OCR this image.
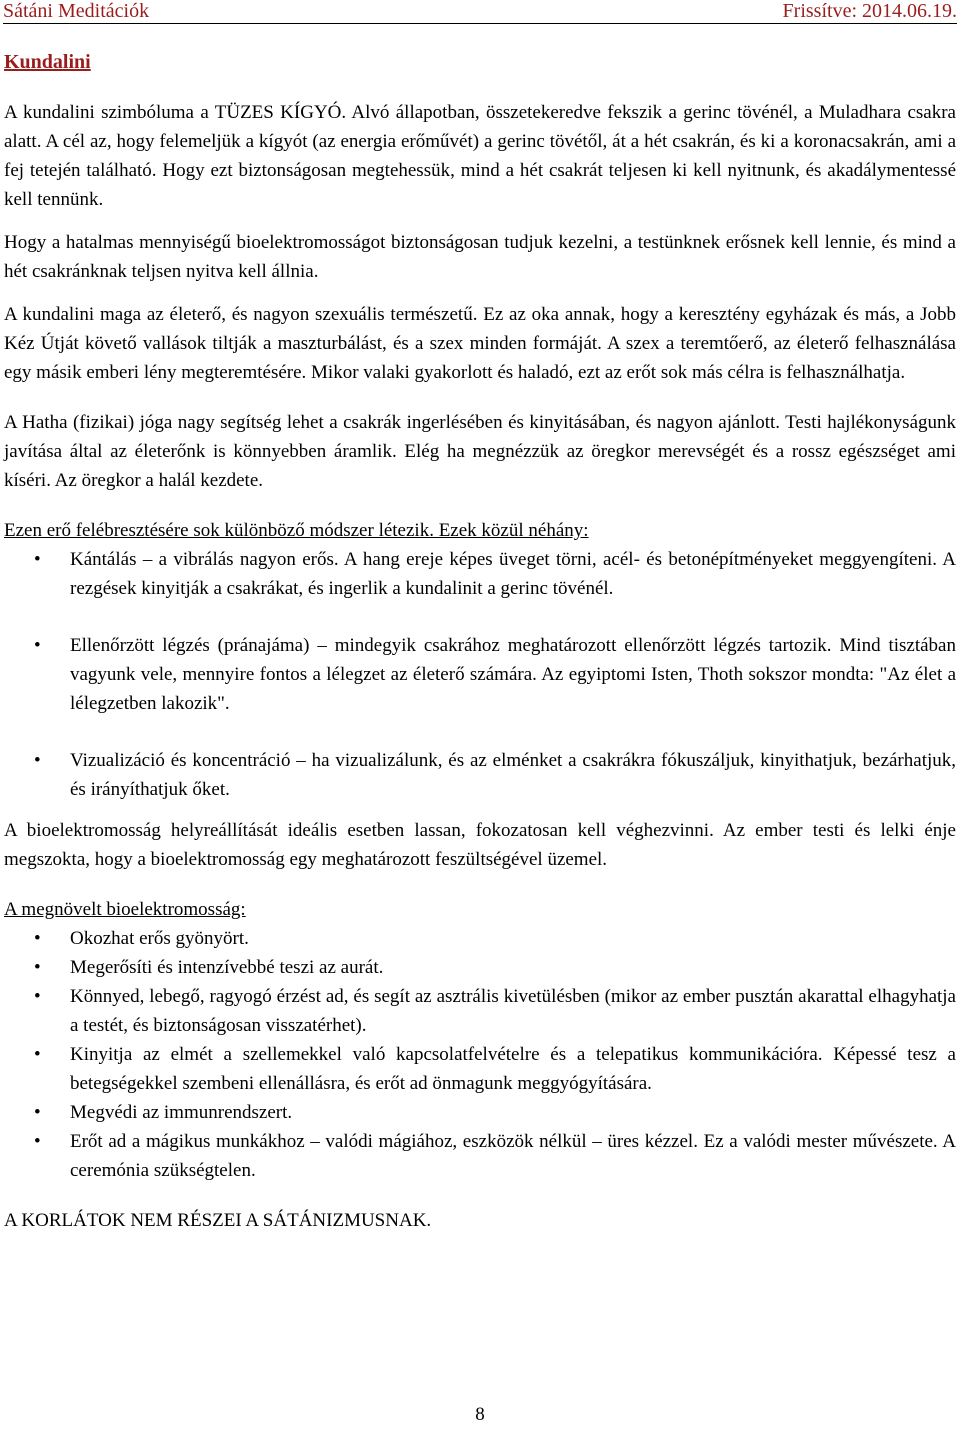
Sátáni Meditációk	Frissítve: 2014.06.19.
Kundalini

A kundalini szimbóluma a TÜZES KÍGYÓ. Alvó állapotban, összetekeredve fekszik a gerinc tövénél, a Muladhara csakra alatt. A cél az, hogy felemeljük a kígyót (az energia erőművét) a gerinc tövétől, át a hét csakrán, és ki a koronacsakrán, ami a fej tetején található. Hogy ezt biztonságosan megtehessük, mind a hét csakrát teljesen ki kell nyitnunk, és akadálymentessé kell tennünk.

Hogy a hatalmas mennyiségű bioelektromosságot biztonságosan tudjuk kezelni, a testünknek erősnek kell lennie, és mind a hét csakránknak teljsen nyitva kell állnia.

A kundalini maga az életerő, és nagyon szexuális természetű. Ez az oka annak, hogy a keresztény egyházak és más, a Jobb Kéz Útját követő vallások tiltják a maszturbálást, és a szex minden formáját. A szex a teremtőerő, az életerő felhasználása egy másik emberi lény megteremtésére. Mikor valaki gyakorlott és haladó, ezt az erőt sok más célra is felhasználhatja.

A Hatha (fizikai) jóga nagy segítség lehet a csakrák ingerlésében és kinyitásában, és nagyon ajánlott. Testi hajlékonyságunk javítása által az életerőnk is könnyebben áramlik. Elég ha megnézzük az öregkor merevségét és a rossz egészséget ami kíséri. Az öregkor a halál kezdete.

Ezen erő felébresztésére sok különböző módszer létezik. Ezek közül néhány:

• Kántálás – a vibrálás nagyon erős. A hang ereje képes üveget törni, acél- és betonépítményeket meggyengíteni. A rezgések kinyitják a csakrákat, és ingerlik a kundalinit a gerinc tövénél.
• Ellenőrzött légzés (pránajáma) – mindegyik csakrához meghatározott ellenőrzött légzés tartozik. Mind tisztában vagyunk vele, mennyire fontos a lélegzet az életerő számára. Az egyiptomi Isten, Thoth sokszor mondta: "Az élet a lélegzetben lakozik".
• Vizualizáció és koncentráció – ha vizualizálunk, és az elménket a csakrákra fókuszáljuk, kinyithatjuk, bezárhatjuk, és irányíthatjuk őket.

A bioelektromosság helyreállítását ideális esetben lassan, fokozatosan kell véghezvinni. Az ember testi és lelki énje megszokta, hogy a bioelektromosság egy meghatározott feszültségével üzemel.

A megnövelt bioelektromosság:

• Okozhat erős gyönyört.
• Megerősíti és intenzívebbé teszi az aurát.
• Könnyed, lebegő, ragyogó érzést ad, és segít az asztrális kivetülésben (mikor az ember pusztán akarattal elhagyhatja a testét, és biztonságosan visszatérhet).
• Kinyitja az elmét a szellemekkel való kapcsolatfelvételre és a telepatikus kommunikációra. Képessé tesz a betegségekkel szembeni ellenállásra, és erőt ad önmagunk meggyógyítására.
• Megvédi az immunrendszert.
• Erőt ad a mágikus munkákhoz – valódi mágiához, eszközök nélkül – üres kézzel. Ez a valódi mester művészete. A ceremónia szükségtelen.

A KORLÁTOK NEM RÉSZEI A SÁTÁNIZMUSNAK.

8
